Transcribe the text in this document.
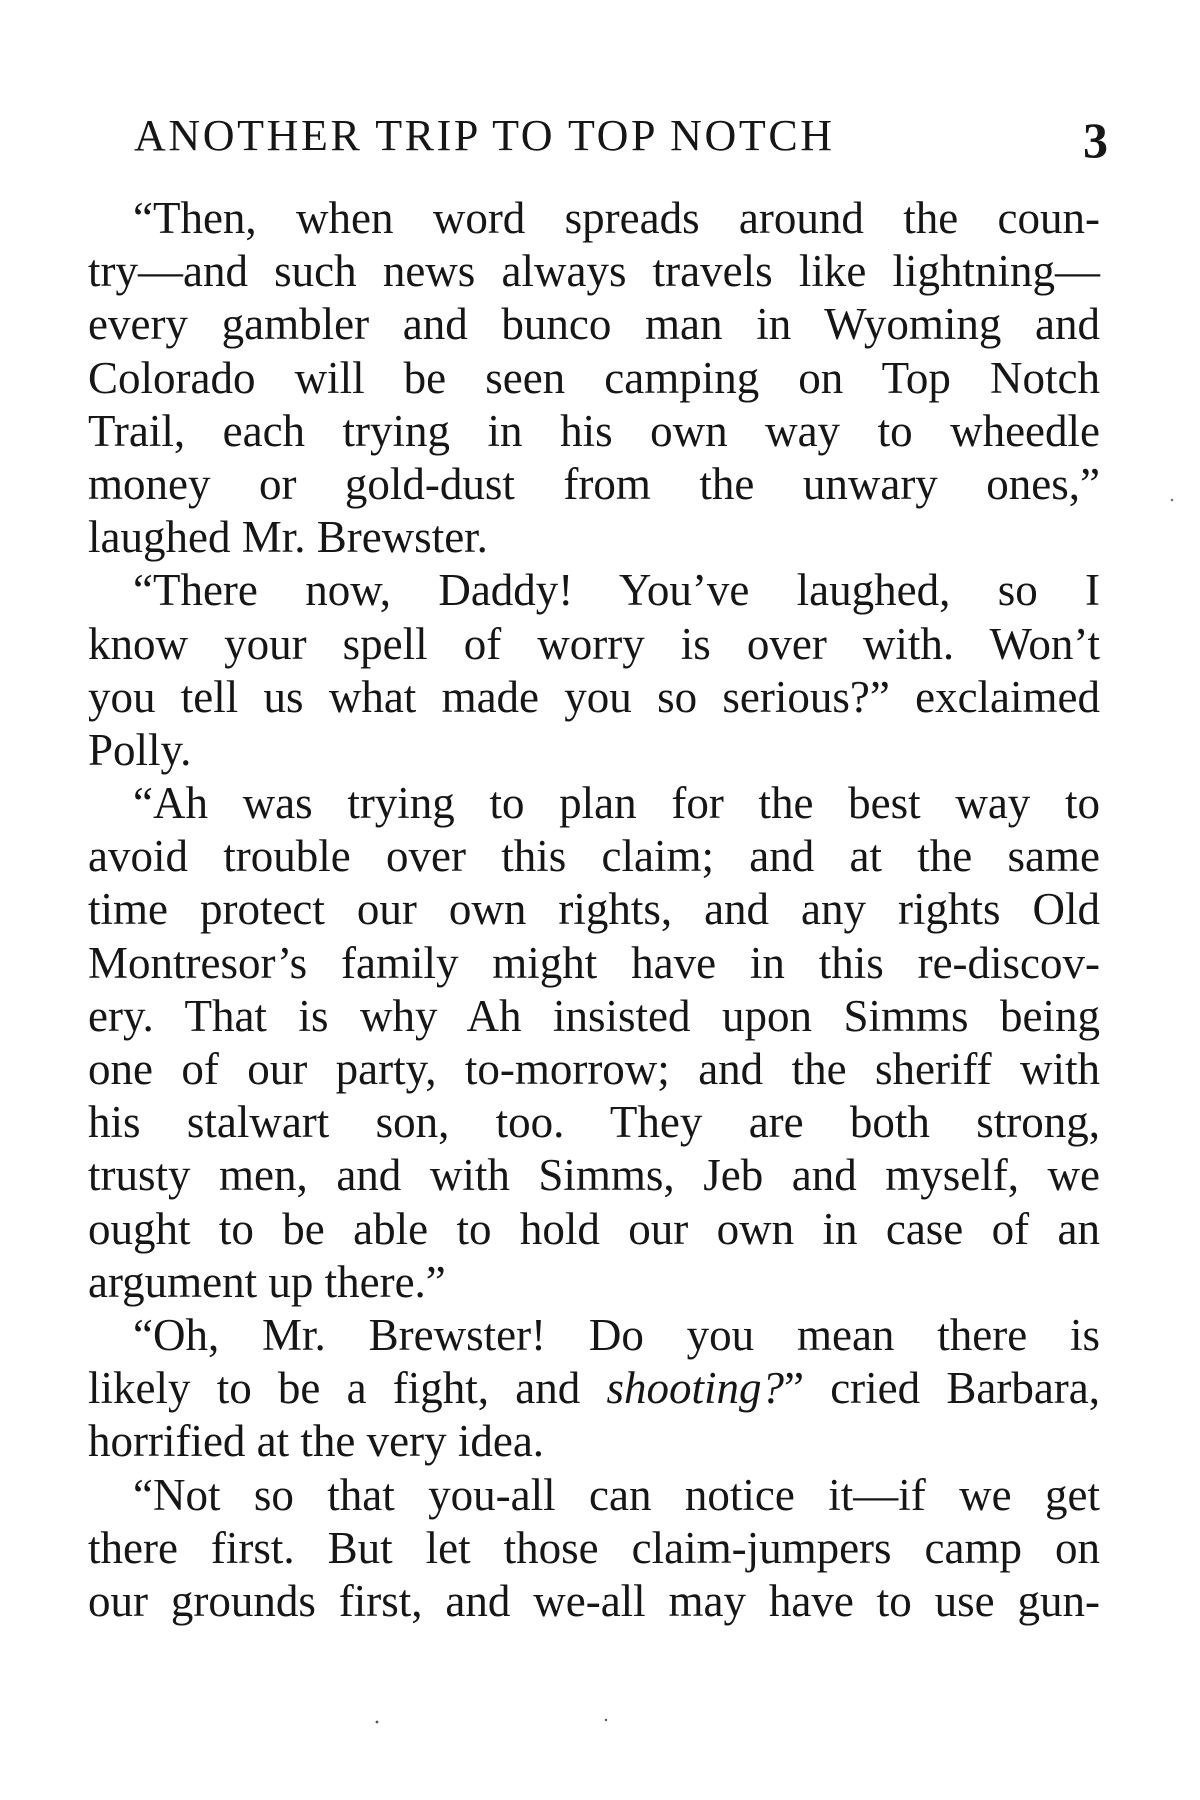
ANOTHER TRIP TO TOP NOTCH	3
“Then, when word spreads around the coun-
try—and such news always travels like lightning—
every gambler and bunco man in Wyoming and
Colorado will be seen camping on Top Notch
Trail, each trying in his own way to wheedle
money or gold-dust from the unwary ones,”
laughed Mr. Brewster.
“There now, Daddy! You’ve laughed, so I
know your spell of worry is over with. Won’t
you tell us what made you so serious?” exclaimed
Polly.
“Ah was trying to plan for the best way to
avoid trouble over this claim; and at the same
time protect our own rights, and any rights Old
Montresor’s family might have in this re-discov-
ery. That is why Ah insisted upon Simms being
one of our party, to-morrow; and the sheriff with
his stalwart son, too. They are both strong,
trusty men, and with Simms, Jeb and myself, we
ought to be able to hold our own in case of an
argument up there.”
“Oh, Mr. Brewster! Do you mean there is
likely to be a fight, and shooting?” cried Barbara,
horrified at the very idea.
“Not so that you-all can notice it—if we get
there first. But let those claim-jumpers camp on
our grounds first, and we-all may have to use gun-
